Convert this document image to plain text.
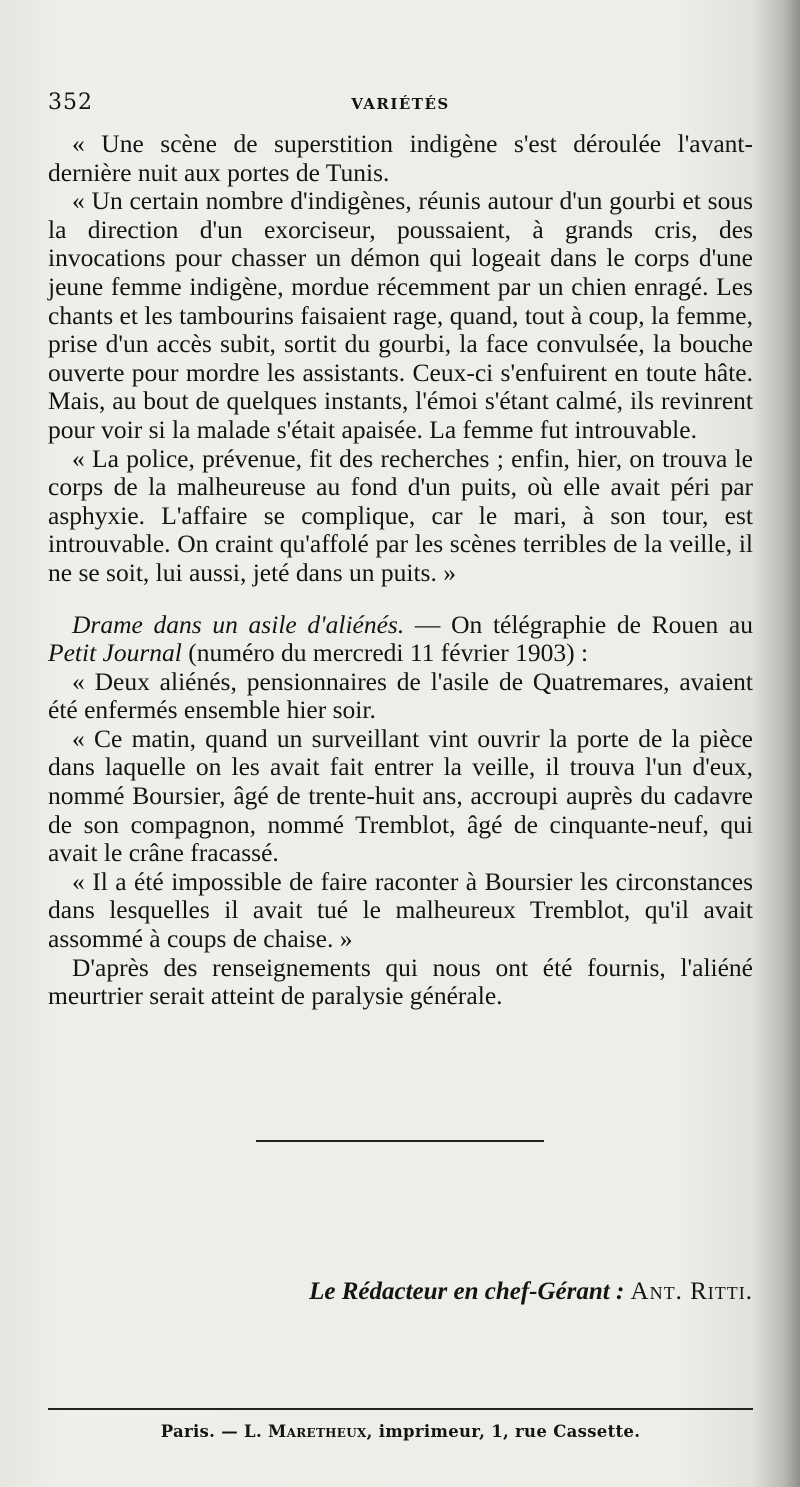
352	VARIÉTÉS

« Une scène de superstition indigène s'est déroulée l'avant-dernière nuit aux portes de Tunis.

« Un certain nombre d'indigènes, réunis autour d'un gourbi et sous la direction d'un exorciseur, poussaient, à grands cris, des invocations pour chasser un démon qui logeait dans le corps d'une jeune femme indigène, mordue récemment par un chien enragé. Les chants et les tambourins faisaient rage, quand, tout à coup, la femme, prise d'un accès subit, sortit du gourbi, la face convulsée, la bouche ouverte pour mordre les assistants. Ceux-ci s'enfuirent en toute hâte. Mais, au bout de quelques instants, l'émoi s'étant calmé, ils revinrent pour voir si la malade s'était apaisée. La femme fut introuvable.

« La police, prévenue, fit des recherches ; enfin, hier, on trouva le corps de la malheureuse au fond d'un puits, où elle avait péri par asphyxie. L'affaire se complique, car le mari, à son tour, est introuvable. On craint qu'affolé par les scènes terribles de la veille, il ne se soit, lui aussi, jeté dans un puits. »

Drame dans un asile d'aliénés. — On télégraphie de Rouen au Petit Journal (numéro du mercredi 11 février 1903) :

« Deux aliénés, pensionnaires de l'asile de Quatremares, avaient été enfermés ensemble hier soir.

« Ce matin, quand un surveillant vint ouvrir la porte de la pièce dans laquelle on les avait fait entrer la veille, il trouva l'un d'eux, nommé Boursier, âgé de trente-huit ans, accroupi auprès du cadavre de son compagnon, nommé Tremblot, âgé de cinquante-neuf, qui avait le crâne fracassé.

« Il a été impossible de faire raconter à Boursier les circonstances dans lesquelles il avait tué le malheureux Tremblot, qu'il avait assommé à coups de chaise. »

D'après des renseignements qui nous ont été fournis, l'aliéné meurtrier serait atteint de paralysie générale.

Le Rédacteur en chef-Gérant : Ant. Ritti.
Paris. — L. Maretheux, imprimeur, 1, rue Cassette.
